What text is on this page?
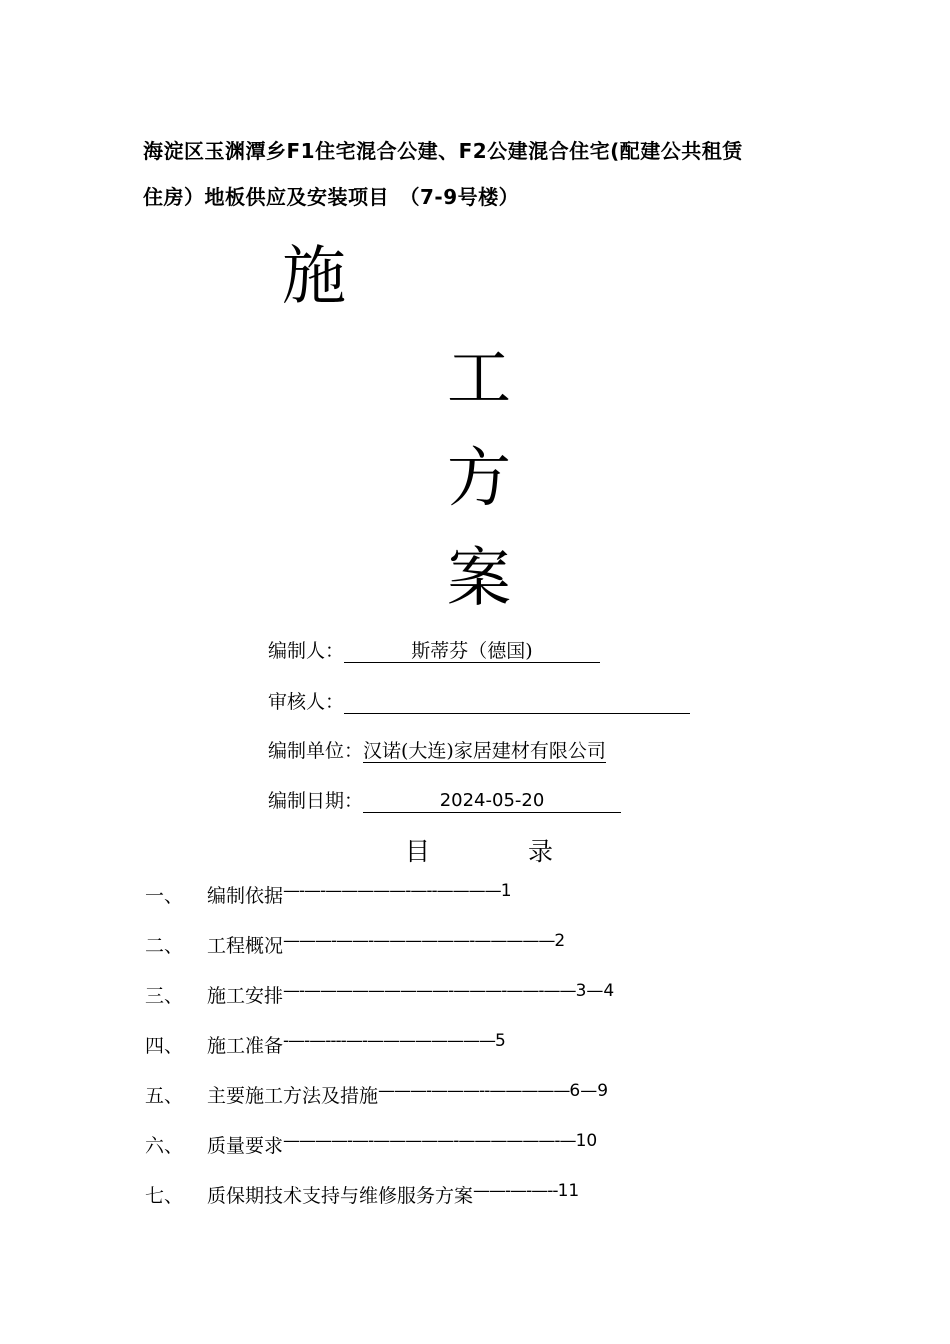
海淀区玉渊潭乡F1住宅混合公建、F2公建混合住宅(配建公共租赁
住房）地板供应及安装项目　（7-9号楼）
施
工
方
案
编制人：	斯蒂芬（德国)
审核人：
编制单位： 汉诺(大连)家居建材有限公司
编制日期：	2024-05-20
目	录
一、	编制依据 —-—-—————-—--———— 1
二、	工程概况 ———-——-——————-————— 2
三、	施工安排 —-—————————-———-——-—— 3—4
四、	施工准备 -—-—----—-———————— 5
五、	主要施工方法及措施 ———-———--————— 6—9
六、	质量要求 ————-—-—————-——————-— 10
七、	质保期技术支持与维修服务方案 ——-—-—-- 11
